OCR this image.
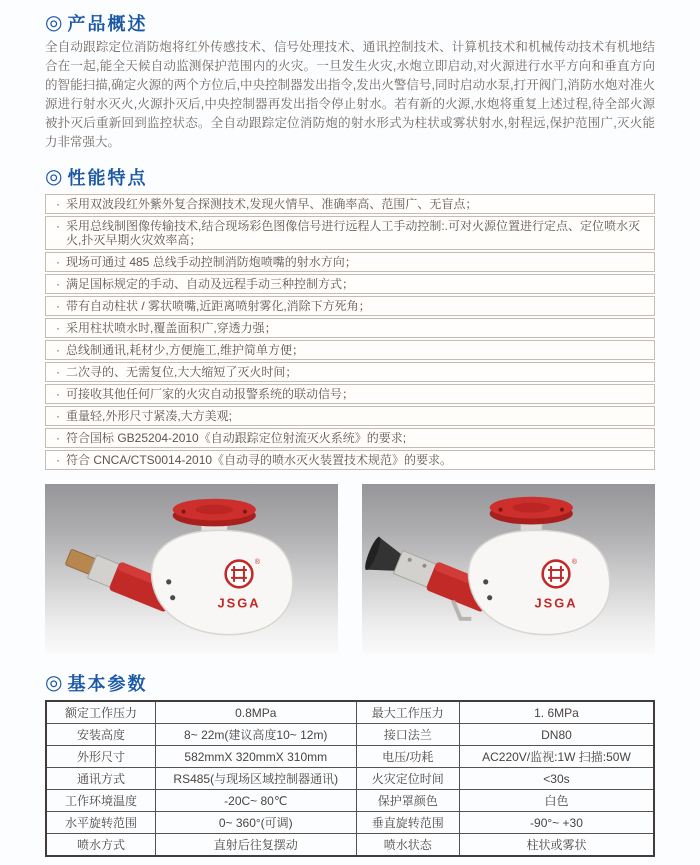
◎ 产品概述
全自动跟踪定位消防炮将红外传感技术、信号处理技术、通讯控制技术、计算机技术和机械传动技术有机地结合在一起,能全天候自动监测保护范围内的火灾。一旦发生火灾,水炮立即启动,对火源进行水平方向和垂直方向的智能扫描,确定火源的两个方位后,中央控制器发出指令,发出火警信号,同时启动水泵,打开阀门,消防水炮对准火源进行射水灭火,火源扑灭后,中央控制器再发出指令停止射水。若有新的火源,水炮将重复上述过程,待全部火源被扑灭后重新回到监控状态。全自动跟踪定位消防炮的射水形式为柱状或雾状射水,射程远,保护范围广,灭火能力非常强大。
◎ 性能特点
· 采用双波段红外紫外复合探测技术,发现火情早、准确率高、范围广、无盲点；
· 采用总线制图像传输技术,结合现场彩色图像信号进行远程人工手动控制:.可对火源位置进行定点、定位喷水灭火,扑灭早期火灾效率高；
· 现场可通过 485 总线手动控制消防炮喷嘴的射水方向；
· 满足国标规定的手动、自动及远程手动三种控制方式；
· 带有自动柱状 / 雾状喷嘴,近距离喷射雾化,消除下方死角；
· 采用柱状喷水时,覆盖面积广,穿透力强；
· 总线制通讯,耗材少,方便施工,维护简单方便；
· 二次寻的、无需复位,大大缩短了灭火时间；
· 可接收其他任何厂家的火灾自动报警系统的联动信号；
· 重量轻,外形尺寸紧凑,大方美观;
· 符合国标 GB25204-2010《自动跟踪定位射流灭火系统》的要求;
· 符合 CNCA/CTS0014-2010《自动寻的喷水灭火装置技术规范》的要求。
®
JSGA
®
JSGA
◎ 基本参数
额定工作压力	0.8MPa	最大工作压力	1. 6MPa
安装高度	8~ 22m(建议高度10~ 12m)	接口法兰	DN80
外形尺寸	582mmX 320mmX 310mm	电压/功耗	AC220V/监视:1W 扫描:50W
通讯方式	RS485(与现场区域控制器通讯)	火灾定位时间	<30s
工作环境温度	-20C~ 80℃	保护罩颜色	白色
水平旋转范围	0~ 360°(可调)	垂直旋转范围	-90°~ +30
喷水方式	直射后往复摆动	喷水状态	柱状或雾状
